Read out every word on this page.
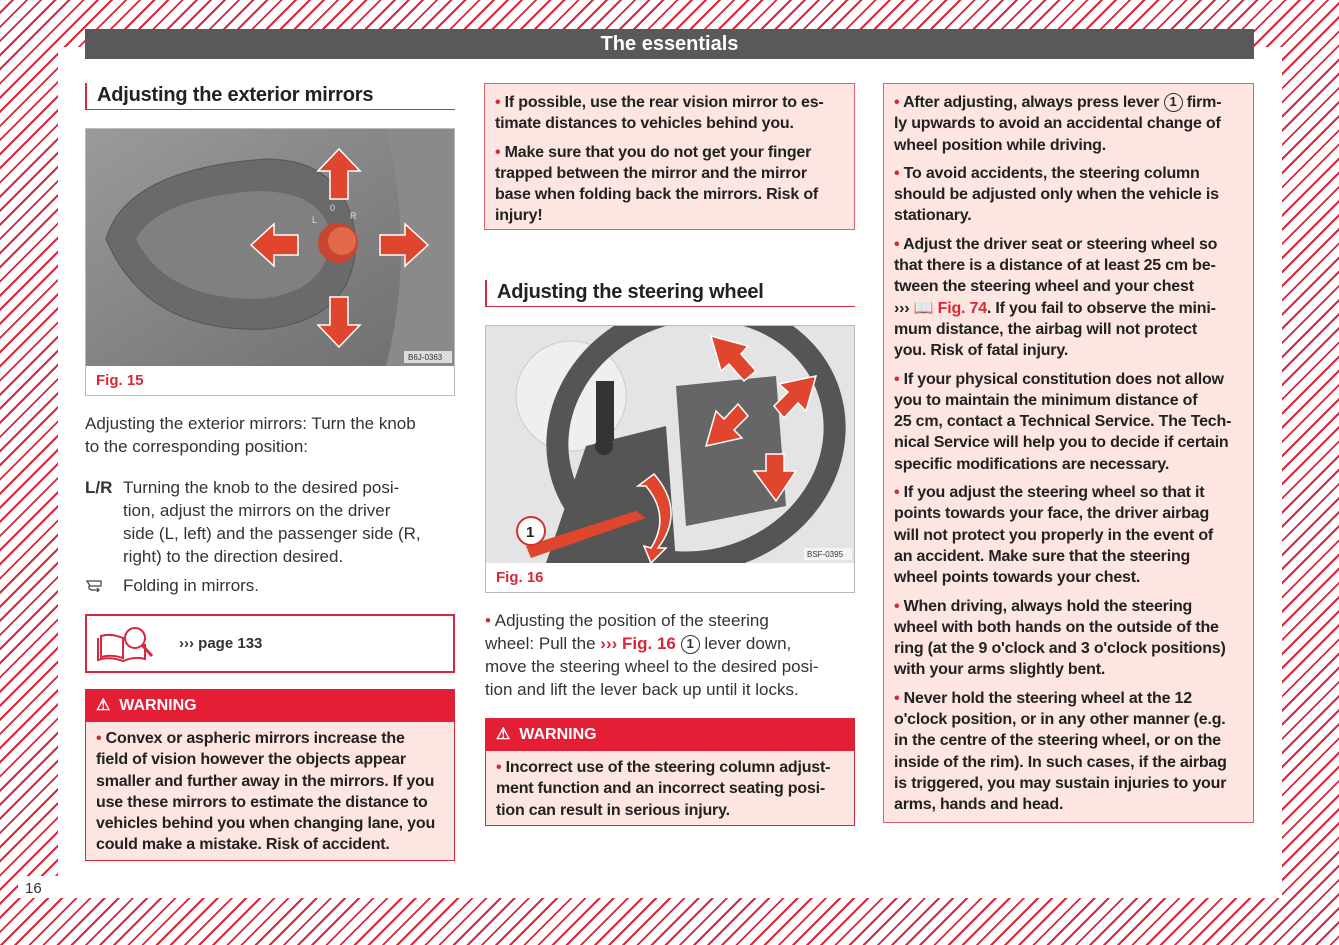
16
The essentials
Adjusting the exterior mirrors
L
0
R
B6J-0363
Fig. 15
Adjusting the exterior mirrors: Turn the knob
to the corresponding position:
L/R Turning the knob to the desired posi-
tion, adjust the mirrors on the driver
side (L, left) and the passenger side (R,
right) to the direction desired.
Folding in mirrors.
››› page 133
⚠ WARNING
• Convex or aspheric mirrors increase the
field of vision however the objects appear
smaller and further away in the mirrors. If you
use these mirrors to estimate the distance to
vehicles behind you when changing lane, you
could make a mistake. Risk of accident.

• If possible, use the rear vision mirror to es-
timate distances to vehicles behind you.

• Make sure that you do not get your finger
trapped between the mirror and the mirror
base when folding back the mirrors. Risk of
injury!

Adjusting the steering wheel
1
BSF-0395
Fig. 16
• Adjusting the position of the steering
wheel: Pull the ››› Fig. 16 1 lever down,
move the steering wheel to the desired posi-
tion and lift the lever back up until it locks.
⚠ WARNING
• Incorrect use of the steering column adjust-
ment function and an incorrect seating posi-
tion can result in serious injury.

• After adjusting, always press lever 1 firm-
ly upwards to avoid an accidental change of
wheel position while driving.

• To avoid accidents, the steering column
should be adjusted only when the vehicle is
stationary.

• Adjust the driver seat or steering wheel so
that there is a distance of at least 25 cm be-
tween the steering wheel and your chest
››› 📖 Fig. 74. If you fail to observe the mini-
mum distance, the airbag will not protect
you. Risk of fatal injury.

• If your physical constitution does not allow
you to maintain the minimum distance of
25 cm, contact a Technical Service. The Tech-
nical Service will help you to decide if certain
specific modifications are necessary.

• If you adjust the steering wheel so that it
points towards your face, the driver airbag
will not protect you properly in the event of
an accident. Make sure that the steering
wheel points towards your chest.

• When driving, always hold the steering
wheel with both hands on the outside of the
ring (at the 9 o'clock and 3 o'clock positions)
with your arms slightly bent.

• Never hold the steering wheel at the 12
o'clock position, or in any other manner (e.g.
in the centre of the steering wheel, or on the
inside of the rim). In such cases, if the airbag
is triggered, you may sustain injuries to your
arms, hands and head.
